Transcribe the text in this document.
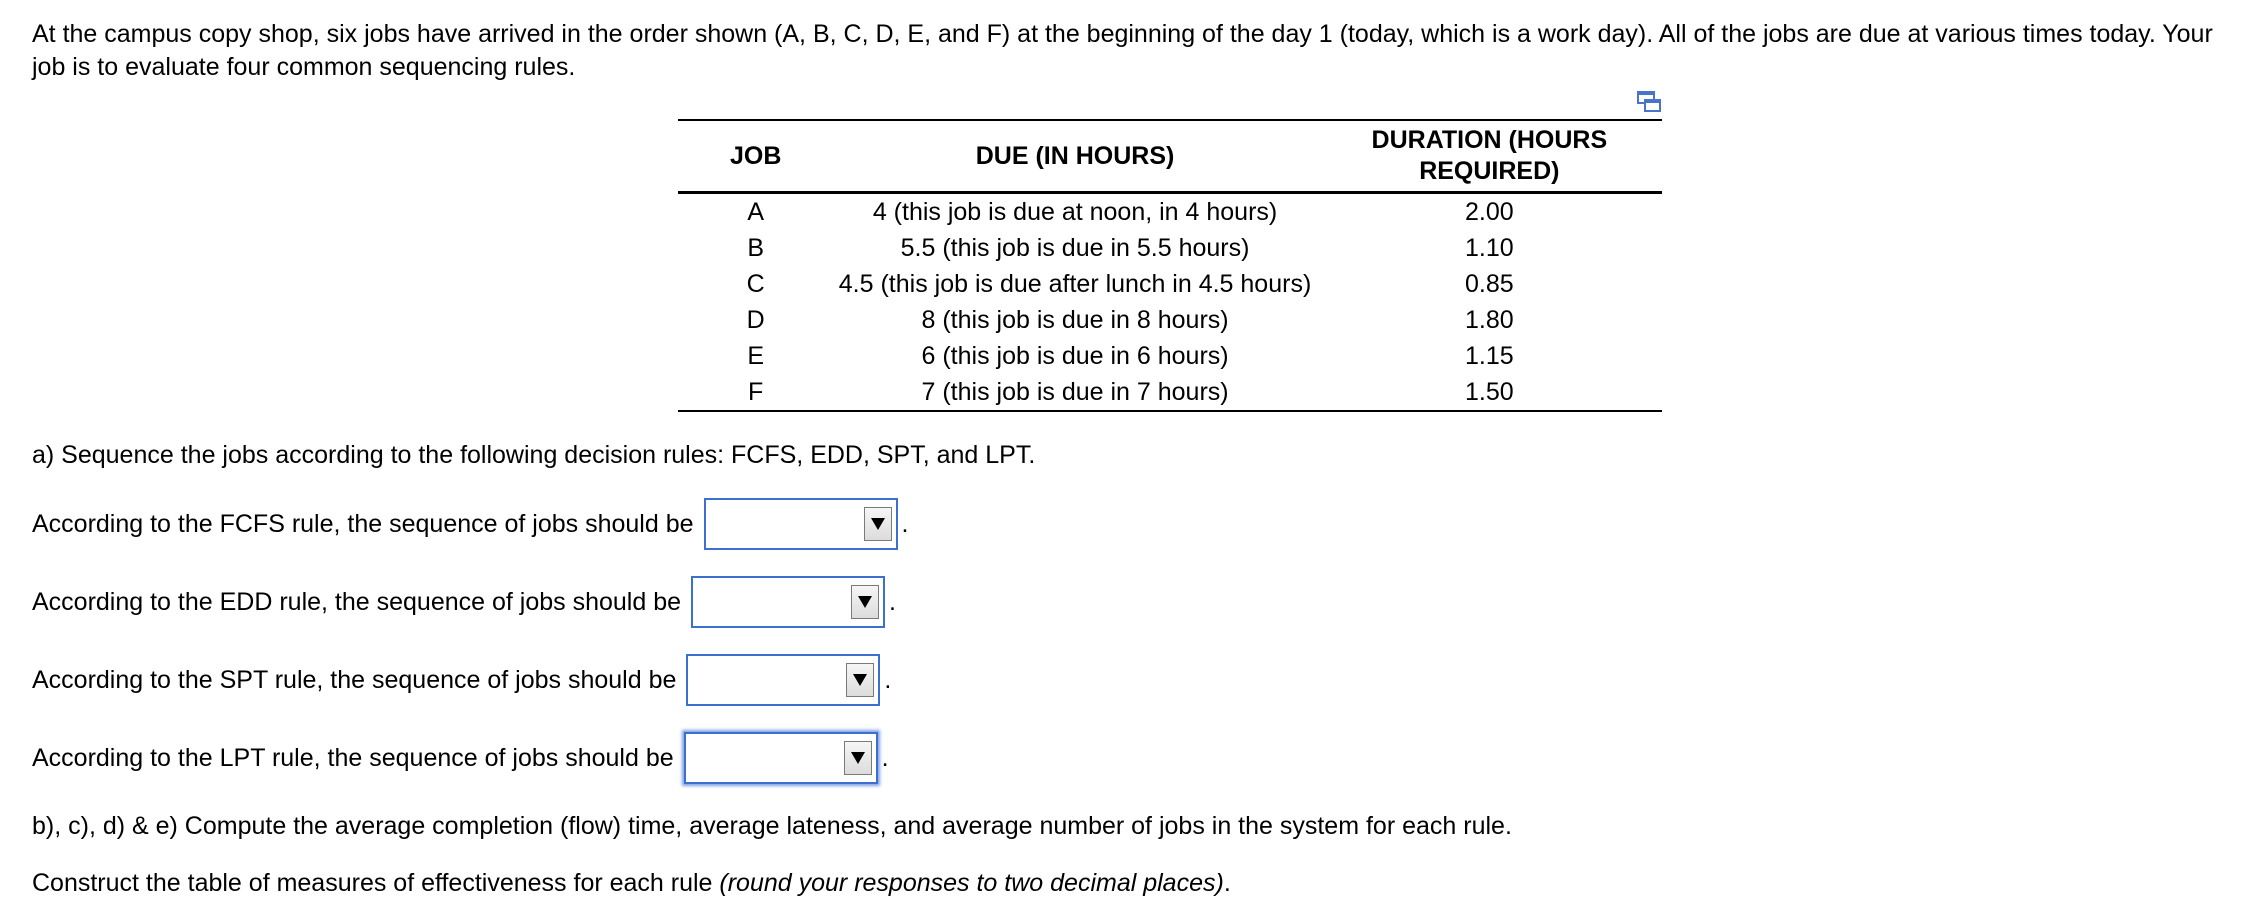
At the campus copy shop, six jobs have arrived in the order shown (A, B, C, D, E, and F) at the beginning of the day 1 (today, which is a work day). All of the jobs are due at various times today. Your
job is to evaluate four common sequencing rules.
JOB	DUE (IN HOURS)	DURATION (HOURS
REQUIRED)
A	4 (this job is due at noon, in 4 hours)	2.00
B	5.5 (this job is due in 5.5 hours)	1.10
C	4.5 (this job is due after lunch in 4.5 hours)	0.85
D	8 (this job is due in 8 hours)	1.80
E	6 (this job is due in 6 hours)	1.15
F	7 (this job is due in 7 hours)	1.50
a) Sequence the jobs according to the following decision rules: FCFS, EDD, SPT, and LPT.
According to the FCFS rule, the sequence of jobs should be	.
According to the EDD rule, the sequence of jobs should be	.
According to the SPT rule, the sequence of jobs should be	.
According to the LPT rule, the sequence of jobs should be	.
b), c), d) & e) Compute the average completion (flow) time, average lateness, and average number of jobs in the system for each rule.
Construct the table of measures of effectiveness for each rule (round your responses to two decimal places).
